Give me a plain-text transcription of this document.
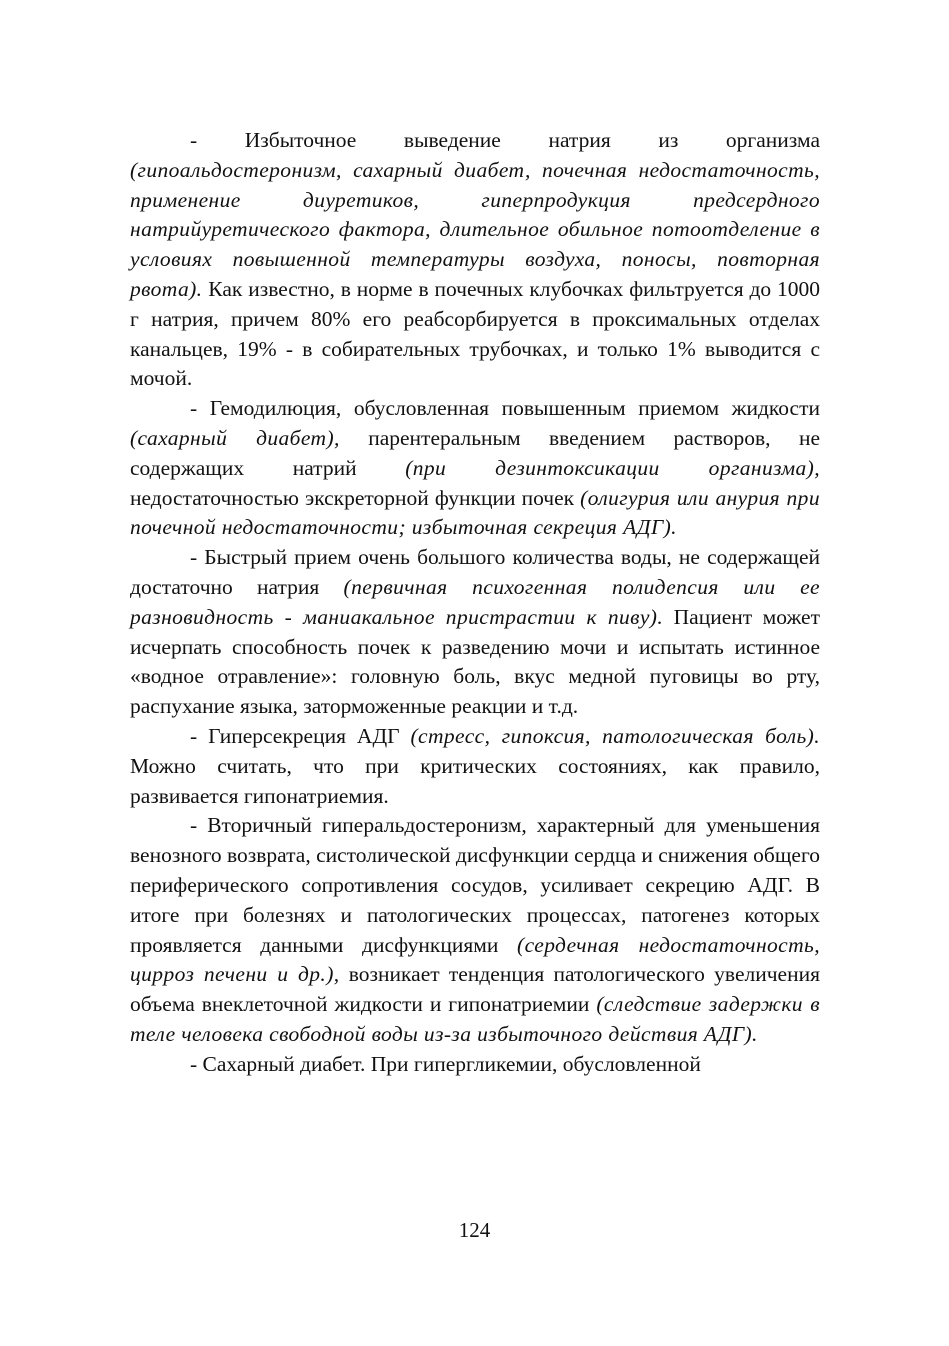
- Избыточное выведение натрия из организма (гипоальдостеронизм, сахарный диабет, почечная недостаточность, применение диуретиков, гиперпродукция предсердного натрийуретического фактора, длительное обильное потоотделение в условиях повышенной температуры воздуха, поносы, повторная рвота). Как известно, в норме в почечных клубочках фильтруется до 1000 г натрия, причем 80% его реабсорбируется в проксимальных отделах канальцев, 19% - в собирательных трубочках, и только 1% выводится с мочой.

- Гемодилюция, обусловленная повышенным приемом жидкости (сахарный диабет), парентеральным введением растворов, не содержащих натрий (при дезинтоксикации организма), недостаточностью экскреторной функции почек (олигурия или анурия при почечной недостаточности; избыточная секреция АДГ).

- Быстрый прием очень большого количества воды, не содержащей достаточно натрия (первичная психогенная полидепсия или ее разновидность - маниакальное пристрастии к пиву). Пациент может исчерпать способность почек к разведению мочи и испытать истинное «водное отравление»: головную боль, вкус медной пуговицы во рту, распухание языка, заторможенные реакции и т.д.

- Гиперсекреция АДГ (стресс, гипоксия, патологическая боль). Можно считать, что при критических состояниях, как правило, развивается гипонатриемия.

- Вторичный гиперальдостеронизм, характерный для уменьшения венозного возврата, систолической дисфункции сердца и снижения общего периферического сопротивления сосудов, усиливает секрецию АДГ. В итоге при болезнях и патологических процессах, патогенез которых проявляется данными дисфункциями (сердечная недостаточность, цирроз печени и др.), возникает тенденция патологического увеличения объема внеклеточной жидкости и гипонатриемии (следствие задержки в теле человека свободной воды из-за избыточного действия АДГ).

- Сахарный диабет. При гипергликемии, обусловленной

124
